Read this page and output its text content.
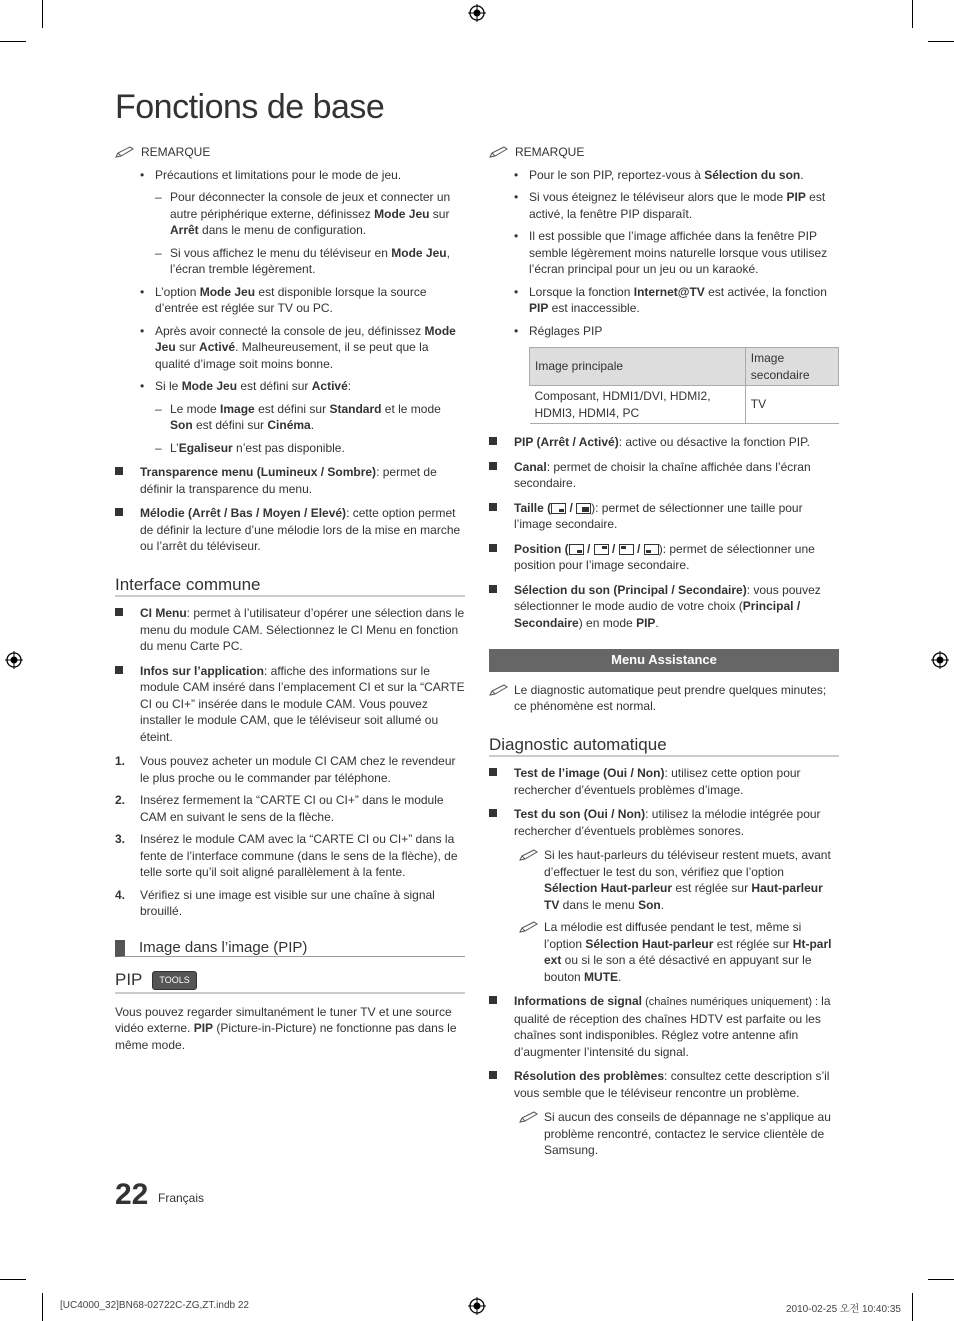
Fonctions de base
REMARQUE
• Précautions et limitations pour le mode de jeu.
– Pour déconnecter la console de jeux et connecter un autre périphérique externe, définissez Mode Jeu sur Arrêt dans le menu de configuration.
– Si vous affichez le menu du téléviseur en Mode Jeu, l’écran tremble légèrement.
• L’option Mode Jeu est disponible lorsque la source d’entrée est réglée sur TV ou PC.
• Après avoir connecté la console de jeu, définissez Mode Jeu sur Activé. Malheureusement, il se peut que la qualité d’image soit moins bonne.
• Si le Mode Jeu est défini sur Activé:
– Le mode Image est défini sur Standard et le mode Son est défini sur Cinéma.
– L’Egaliseur n’est pas disponible.
Transparence menu (Lumineux / Sombre): permet de définir la transparence du menu.
Mélodie (Arrêt / Bas / Moyen / Elevé): cette option permet de définir la lecture d’une mélodie lors de la mise en marche ou l’arrêt du téléviseur.
Interface commune
CI Menu: permet à l’utilisateur d’opérer une sélection dans le menu du module CAM. Sélectionnez le CI Menu en fonction du menu Carte PC.
Infos sur l’application: affiche des informations sur le module CAM inséré dans l’emplacement CI et sur la “CARTE CI ou CI+” insérée dans le module CAM. Vous pouvez installer le module CAM, que le téléviseur soit allumé ou éteint.
1. Vous pouvez acheter un module CI CAM chez le revendeur le plus proche ou le commander par téléphone.
2. Insérez fermement la “CARTE CI ou CI+” dans le module CAM en suivant le sens de la flèche.
3. Insérez le module CAM avec la “CARTE CI ou CI+” dans la fente de l’interface commune (dans le sens de la flèche), de telle sorte qu’il soit aligné parallèlement à la fente.
4. Vérifiez si une image est visible sur une chaîne à signal brouillé.
Image dans l’image (PIP)
PIP	TOOLS

Vous pouvez regarder simultanément le tuner TV et une source vidéo externe. PIP (Picture-in-Picture) ne fonctionne pas dans le même mode.

REMARQUE
• Pour le son PIP, reportez-vous à Sélection du son.
• Si vous éteignez le téléviseur alors que le mode PIP est activé, la fenêtre PIP disparaît.
• Il est possible que l’image affichée dans la fenêtre PIP semble légèrement moins naturelle lorsque vous utilisez l’écran principal pour un jeu ou un karaoké.
• Lorsque la fonction Internet@TV est activée, la fonction PIP est inaccessible.
• Réglages PIP
Image principale	Image secondaire
Composant, HDMI1/DVI, HDMI2, HDMI3, HDMI4, PC	TV
PIP (Arrêt / Activé): active ou désactive la fonction PIP.
Canal: permet de choisir la chaîne affichée dans l’écran secondaire.
Taille ( / ): permet de sélectionner une taille pour l’image secondaire.
Position ( /  /  / ): permet de sélectionner une position pour l’image secondaire.
Sélection du son (Principal / Secondaire): vous pouvez sélectionner le mode audio de votre choix (Principal / Secondaire) en mode PIP.
Menu Assistance
Le diagnostic automatique peut prendre quelques minutes; ce phénomène est normal.
Diagnostic automatique
Test de l’image (Oui / Non): utilisez cette option pour rechercher d’éventuels problèmes d’image.
Test du son (Oui / Non): utilisez la mélodie intégrée pour rechercher d’éventuels problèmes sonores.
Si les haut-parleurs du téléviseur restent muets, avant d’effectuer le test du son, vérifiez que l’option Sélection Haut-parleur est réglée sur Haut-parleur TV dans le menu Son.
La mélodie est diffusée pendant le test, même si l’option Sélection Haut-parleur est réglée sur Ht-parl ext ou si le son a été désactivé en appuyant sur le bouton MUTE.
Informations de signal (chaînes numériques uniquement) : la qualité de réception des chaînes HDTV est parfaite ou les chaînes sont indisponibles. Réglez votre antenne afin d’augmenter l’intensité du signal.
Résolution des problèmes: consultez cette description s’il vous semble que le téléviseur rencontre un problème.
Si aucun des conseils de dépannage ne s’applique au problème rencontré, contactez le service clientèle de Samsung.
22 Français
[UC4000_32]BN68-02722C-ZG,ZT.indb 22	2010-02-25 오전 10:40:35
